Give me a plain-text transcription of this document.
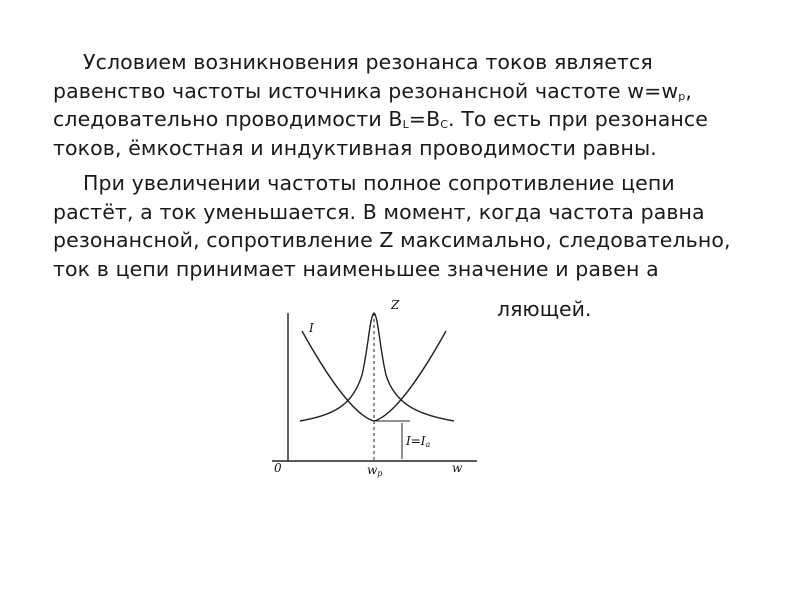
Условием возникновения резонанса токов является равенство частоты источника резонансной частоте $w=w_p$, следовательно проводимости $B_L=B_C$. То есть при резонансе токов, ёмкостная и индуктивная проводимости равны.

При увеличении частоты полное сопротивление цепи растёт, а ток уменьшается. В момент, когда частота равна резонансной, сопротивление Z максимально, следовательно, ток в цепи принимает наименьшее значение и равен а

ляющей.
Z
I
0	w
wp
I=Ia
